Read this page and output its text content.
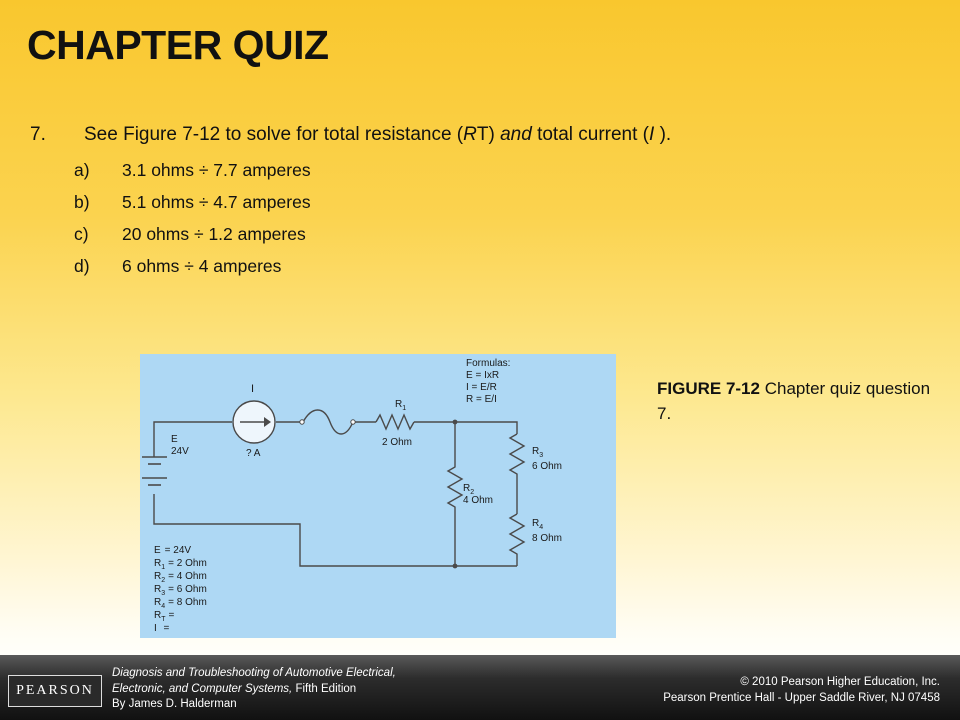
CHAPTER QUIZ
7. See Figure 7-12 to solve for total resistance (RT) and total current (I ).
a) 3.1 ohms ÷ 7.7 amperes
b) 5.1 ohms ÷ 4.7 amperes
c) 20 ohms ÷ 1.2 amperes
d) 6 ohms ÷ 4 amperes
I
? A
E
24V
$R_1$
2 Ohm
$R_2$
4 Ohm
$R_3$
6 Ohm
$R_4$
8 Ohm
Formulas:
E = IxR
I = E/R
R = E/I
E = 24V
$R_1 = 2$ Ohm
$R_2 = 4$ Ohm
$R_3 = 6$ Ohm
$R_4 = 8$ Ohm
$R_T$ =
I =
FIGURE 7-12 Chapter quiz question 7.
PEARSON
Diagnosis and Troubleshooting of Automotive Electrical,
Electronic, and Computer Systems, Fifth Edition
By James D. Halderman
© 2010 Pearson Higher Education, Inc.
Pearson Prentice Hall - Upper Saddle River, NJ 07458
